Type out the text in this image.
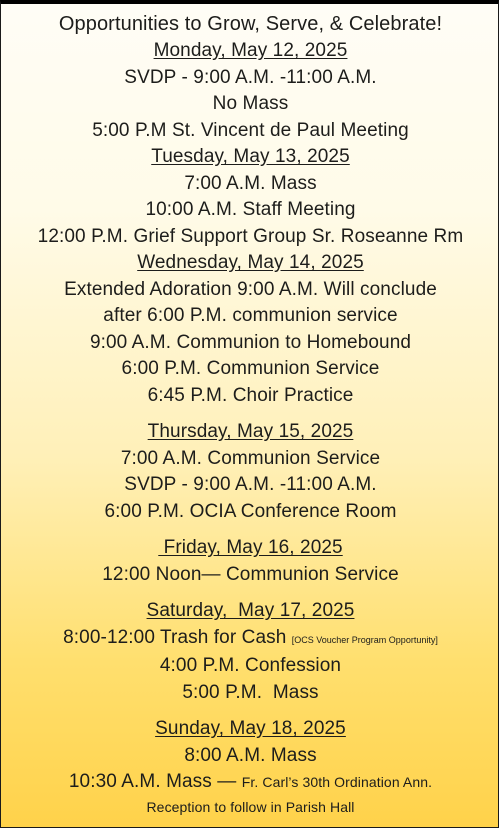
Opportunities to Grow, Serve, & Celebrate!
Monday, May 12, 2025
SVDP - 9:00 A.M. -11:00 A.M.
No Mass
5:00 P.M St. Vincent de Paul Meeting
Tuesday, May 13, 2025
7:00 A.M. Mass
10:00 A.M. Staff Meeting
12:00 P.M. Grief Support Group Sr. Roseanne Rm
Wednesday, May 14, 2025
Extended Adoration 9:00 A.M. Will conclude
after 6:00 P.M. communion service
9:00 A.M. Communion to Homebound
6:00 P.M. Communion Service
6:45 P.M. Choir Practice
Thursday, May 15, 2025
7:00 A.M. Communion Service
SVDP - 9:00 A.M. -11:00 A.M.
6:00 P.M. OCIA Conference Room
Friday, May 16, 2025
12:00 Noon— Communion Service
Saturday,  May 17, 2025
8:00-12:00 Trash for Cash [OCS Voucher Program Opportunity]
4:00 P.M. Confession
5:00 P.M.  Mass
Sunday, May 18, 2025
8:00 A.M. Mass
10:30 A.M. Mass — Fr. Carl’s 30th Ordination Ann.
Reception to follow in Parish Hall
